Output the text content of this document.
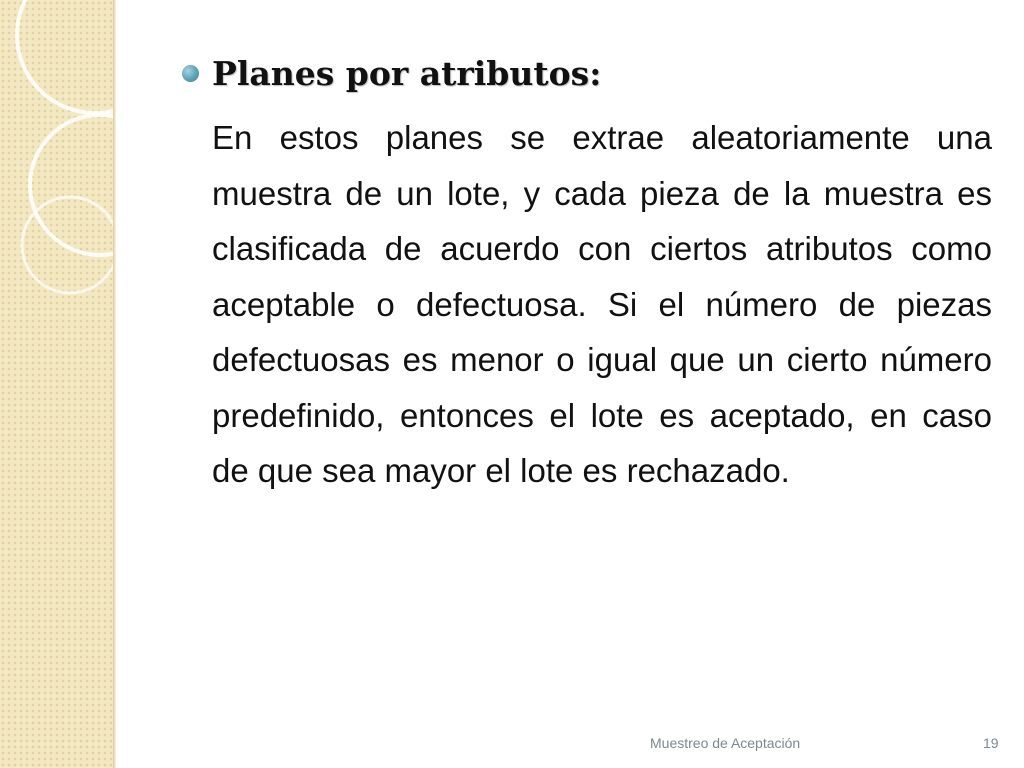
Planes por atributos:
En estos planes se extrae aleatoriamente una muestra de un lote, y cada pieza de la muestra es clasificada de acuerdo con ciertos atributos como aceptable o defectuosa. Si el número de piezas defectuosas es menor o igual que un cierto número predefinido, entonces el lote es aceptado, en caso de que sea mayor el lote es rechazado.
Muestreo de Aceptación	19
